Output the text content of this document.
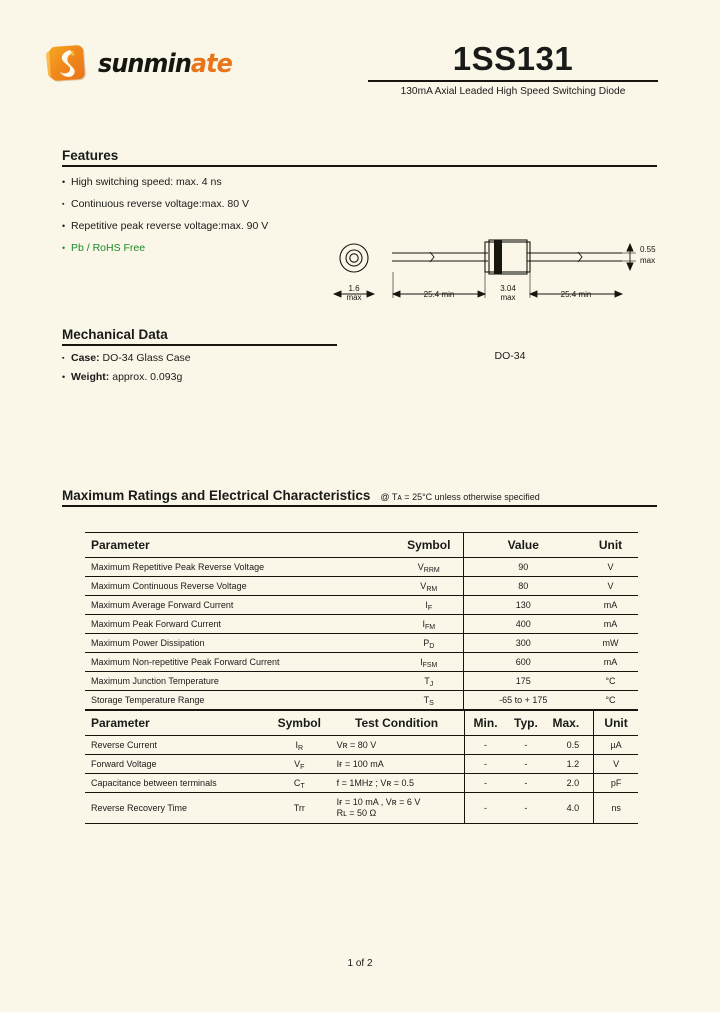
sunminate	1SS131
130mA Axial Leaded High Speed Switching Diode
Features
• High switching speed: max. 4 ns
▪ Continuous reverse voltage:max. 80 V
• Repetitive peak reverse voltage:max. 90 V
• Pb / RoHS Free
1.6
max	25.4 min
3.04
max	25.4 min
0.55
max
Mechanical Data
▪ Case: DO-34 Glass Case
• Weight: approx. 0.093g
DO-34
Maximum Ratings and Electrical Characteristics @ Tᴀ = 25°C unless otherwise specified
Parameter	Symbol	Value	Unit
Maximum Repetitive Peak Reverse Voltage	$V_{RRM}$	90	V
Maximum Continuous Reverse Voltage	$V_{RM}$	80	V
Maximum Average Forward Current	$I_F$	130	mA
Maximum Peak Forward Current	$I_{FM}$	400	mA
Maximum Power Dissipation	$P_D$	300	mW
Maximum Non-repetitive Peak Forward Current	$I_{FSM}$	600	mA
Maximum Junction Temperature	$T_J$	175	°C
Storage Temperature Range	$T_S$	-65 to + 175	°C
Parameter	Symbol	Test Condition	Min.	Typ.	Max.	Unit
Reverse Current	$I_R$	Vʀ = 80 V	-	-	0.5	µA
Forward Voltage	$V_F$	Iғ = 100 mA	-	-	1.2	V
Capacitance between terminals	$C_T$	f = 1MHz ; Vʀ = 0.5	-	-	2.0	pF
Reverse Recovery Time	Trr	Iғ = 10 mA , Vʀ = 6 V
Rʟ = 50 Ω	-	-	4.0	ns
1 of 2
